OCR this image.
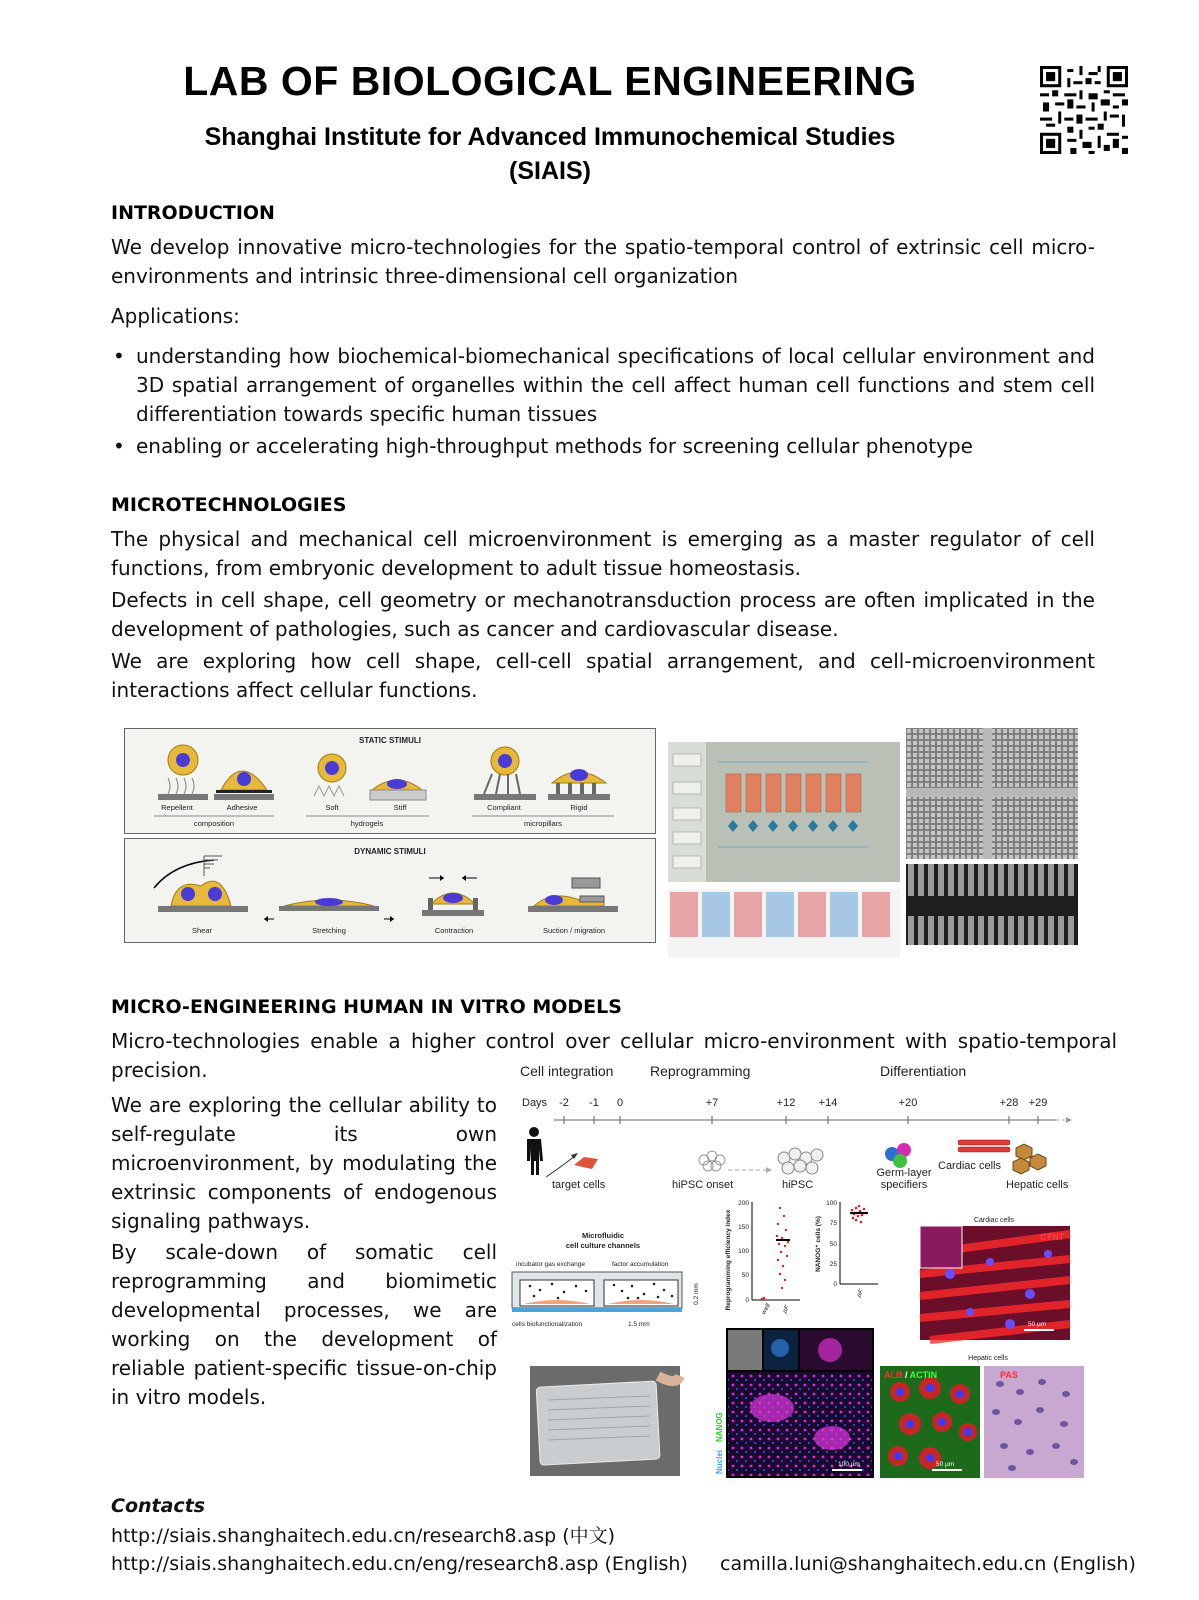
LAB OF BIOLOGICAL ENGINEERING
Shanghai Institute for Advanced Immunochemical Studies
(SIAIS)
INTRODUCTION
We develop innovative micro-technologies for the spatio-temporal control of extrinsic cell micro-environments and intrinsic three-dimensional cell organization
Applications:
• understanding how biochemical-biomechanical specifications of local cellular environment and 3D spatial arrangement of organelles within the cell affect human cell functions and stem cell differentiation towards specific human tissues
• enabling or accelerating high-throughput methods for screening cellular phenotype
MICROTECHNOLOGIES
The physical and mechanical cell microenvironment is emerging as a master regulator of cell functions, from embryonic development to adult tissue homeostasis.
Defects in cell shape, cell geometry or mechanotransduction process are often implicated in the development of pathologies, such as cancer and cardiovascular disease.
We are exploring how cell shape, cell-cell spatial arrangement, and cell-microenvironment interactions affect cellular functions.
STATIC STIMULI
DYNAMIC STIMULI
Repellent	Adhesive	Soft	Stiff	Compliant	Rigid
composition	hydrogels	micropillars
Shear	Stretching	Contraction	Suction / migration
MICRO-ENGINEERING HUMAN IN VITRO MODELS
Micro-technologies enable a higher control over cellular micro-environment with spatio-temporal precision.
We are exploring the cellular ability to self-regulate its own microenvironment, by modulating the extrinsic components of endogenous signaling pathways.
By scale-down of somatic cell reprogramming and biomimetic developmental processes, we are working on the development of reliable patient-specific tissue-on-chip in vitro models.
Cell integration	Reprogramming	Differentiation
Days -2 -1 0	+7	+12 +14	+20	+28 +29
target cells	hiPSC onset	hiPSC
Germ-layer
specifiers
Cardiac cells
Hepatic cells
Microfluidic
cell culture channels
incubator gas exchange	factor accumulation
cells biofunctionalization	1.5 mm
0.2 mm	Reprogramming efficiency index
200
150
100
50
0
well µF
NANOG⁺ cells (%)
100
75
50
25
0
µF
Nuclei
NANOG
100 µm
Cardiac cells
CTNT
50 µm
Hepatic cells
ALB / ACTIN
50 µm
PAS
Contacts
http://siais.shanghaitech.edu.cn/research8.asp (中文)
http://siais.shanghaitech.edu.cn/eng/research8.asp (English) camilla.luni@shanghaitech.edu.cn (English)
